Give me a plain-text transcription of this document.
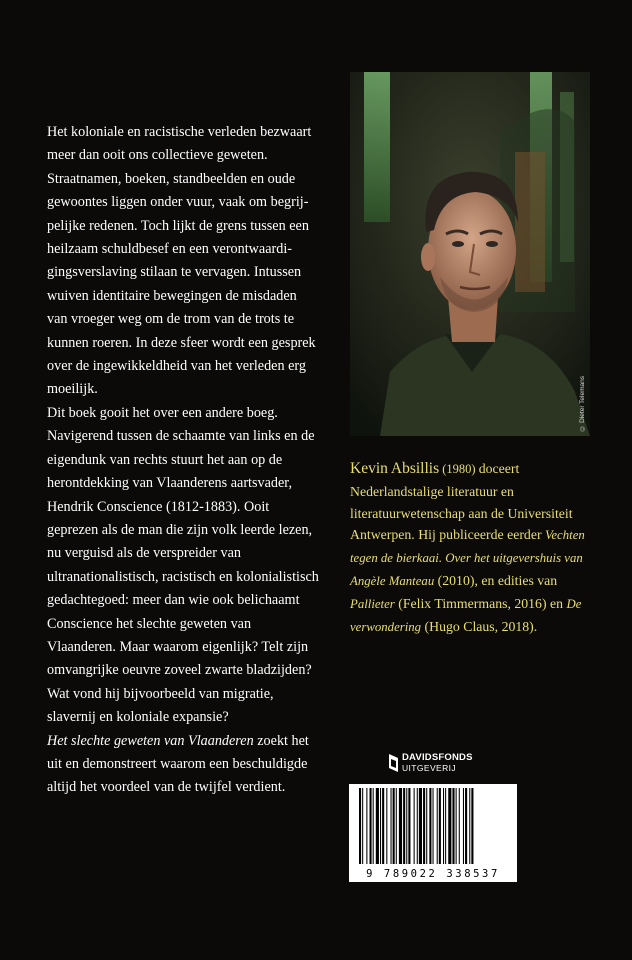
Het koloniale en racistische verleden bezwaart meer dan ooit ons collectieve geweten. Straatnamen, boeken, standbeelden en oude gewoontes liggen onder vuur, vaak om begrijpelijke redenen. Toch lijkt de grens tussen een heilzaam schuldbesef en een verontwaardigingsverslaving stilaan te vervagen. Intussen wuiven identitaire bewegingen de misdaden van vroeger weg om de trom van de trots te kunnen roeren. In deze sfeer wordt een gesprek over de ingewikkeldheid van het verleden erg moeilijk.

Dit boek gooit het over een andere boeg. Navigerend tussen de schaamte van links en de eigendunk van rechts stuurt het aan op de herontdekking van Vlaanderens aartsvader, Hendrik Conscience (1812-1883). Ooit geprezen als de man die zijn volk leerde lezen, nu verguisd als de verspreider van ultranationalistisch, racistisch en kolonialistisch gedachtegoed: meer dan wie ook belichaamt Conscience het slechte geweten van Vlaanderen. Maar waarom eigenlijk? Telt zijn omvangrijke oeuvre zoveel zwarte bladzijden? Wat vond hij bijvoorbeeld van migratie, slavernij en koloniale expansie?

Het slechte geweten van Vlaanderen zoekt het uit en demonstreert waarom een beschuldigde altijd het voordeel van de twijfel verdient.

© Dieter Telemans
Kevin Absillis (1980) doceert Nederlandstalige literatuur en literatuurwetenschap aan de Universiteit Antwerpen. Hij publiceerde eerder Vechten tegen de bierkaai. Over het uitgevershuis van Angèle Manteau (2010), en edities van Pallieter (Felix Timmermans, 2016) en De verwondering (Hugo Claus, 2018).
DAVIDSFONDS
UITGEVERIJ
9 789022 338537
